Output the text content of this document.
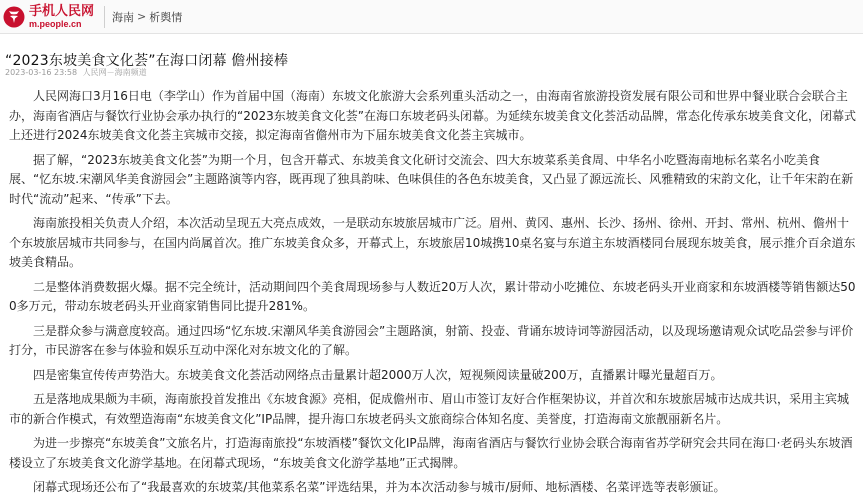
手机人民网
m.people.cn	海南 > 析舆情
“2023东坡美食文化荟”在海口闭幕 儋州接棒
2023-03-16 23:58 人民网－海南频道

人民网海口3月16日电（李学山）作为首届中国（海南）东坡文化旅游大会系列重头活动之一，由海南省旅游投资发展有限公司和世界中餐业联合会联合主办，海南省酒店与餐饮行业协会承办执行的“2023东坡美食文化荟”在海口东坡老码头闭幕。为延续东坡美食文化荟活动品牌，常态化传承东坡美食文化，闭幕式上还进行2024东坡美食文化荟主宾城市交接，拟定海南省儋州市为下届东坡美食文化荟主宾城市。

据了解，“2023东坡美食文化荟”为期一个月，包含开幕式、东坡美食文化研讨交流会、四大东坡菜系美食周、中华名小吃暨海南地标名菜名小吃美食展、“忆东坡.宋潮风华美食游园会”主题路演等内容，既再现了独具韵味、色味俱佳的各色东坡美食，又凸显了源远流长、风雅精致的宋韵文化，让千年宋韵在新时代“流动”起来、“传承”下去。

海南旅投相关负责人介绍，本次活动呈现五大亮点成效，一是联动东坡旅居城市广泛。眉州、黄冈、惠州、长沙、扬州、徐州、开封、常州、杭州、儋州十个东坡旅居城市共同参与，在国内尚属首次。推广东坡美食众多，开幕式上，东坡旅居10城携10桌名宴与东道主东坡酒楼同台展现东坡美食，展示推介百余道东坡美食精品。

二是整体消费数据火爆。据不完全统计，活动期间四个美食周现场参与人数近20万人次，累计带动小吃摊位、东坡老码头开业商家和东坡酒楼等销售额达500多万元，带动东坡老码头开业商家销售同比提升281%。

三是群众参与满意度较高。通过四场“忆东坡.宋潮风华美食游园会”主题路演，射箭、投壶、背诵东坡诗词等游园活动，以及现场邀请观众试吃品尝参与评价打分，市民游客在参与体验和娱乐互动中深化对东坡文化的了解。

四是密集宣传传声势浩大。东坡美食文化荟活动网络点击量累计超2000万人次，短视频阅读量破200万，直播累计曝光量超百万。

五是落地成果颇为丰硕，海南旅投首发推出《东坡食源》亮相，促成儋州市、眉山市签订友好合作框架协议，并首次和东坡旅居城市达成共识，采用主宾城市的新合作模式，有效塑造海南“东坡美食文化”IP品牌，提升海口东坡老码头文旅商综合体知名度、美誉度，打造海南文旅靓丽新名片。

为进一步擦亮“东坡美食”文旅名片，打造海南旅投“东坡酒楼”餐饮文化IP品牌，海南省酒店与餐饮行业协会联合海南省苏学研究会共同在海口·老码头东坡酒楼设立了东坡美食文化游学基地。在闭幕式现场，“东坡美食文化游学基地”正式揭牌。

闭幕式现场还公布了“我最喜欢的东坡菜/其他菜系名菜”评选结果，并为本次活动参与城市/厨师、地标酒楼、名菜评选等表彰颁证。
